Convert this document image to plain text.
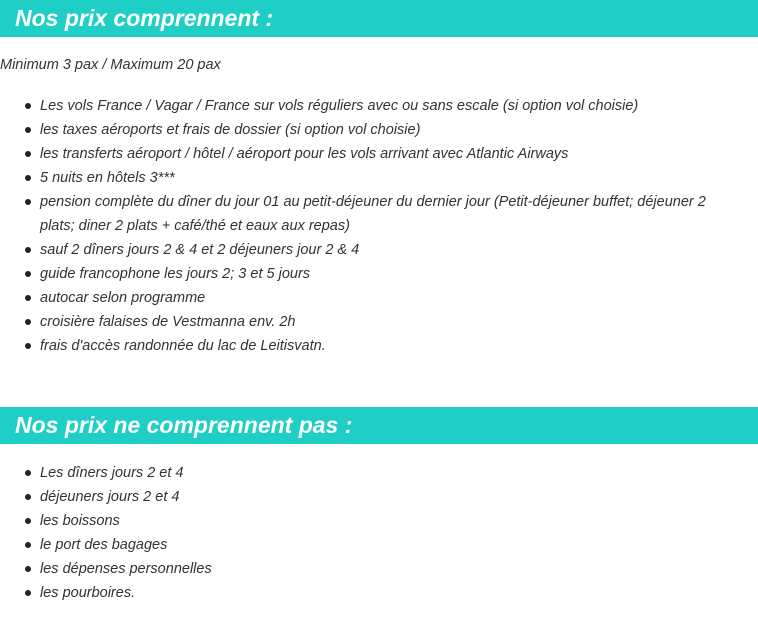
Nos prix comprennent :

Minimum 3 pax / Maximum 20 pax

Les vols France / Vagar / France sur vols réguliers avec ou sans escale (si option vol choisie)
les taxes aéroports et frais de dossier (si option vol choisie)
les transferts aéroport / hôtel / aéroport pour les vols arrivant avec Atlantic Airways
5 nuits en hôtels 3***
pension complète du dîner du jour 01 au petit-déjeuner du dernier jour (Petit-déjeuner buffet; déjeuner 2 plats; diner 2 plats + café/thé et eaux aux repas)
sauf 2 dîners jours 2 & 4 et 2 déjeuners jour 2 & 4
guide francophone les jours 2; 3 et 5 jours
autocar selon programme
croisière falaises de Vestmanna env. 2h
frais d'accès randonnée du lac de Leitisvatn.
Nos prix ne comprennent pas :
Les dîners jours 2 et 4
déjeuners jours 2 et 4
les boissons
le port des bagages
les dépenses personnelles
les pourboires.
